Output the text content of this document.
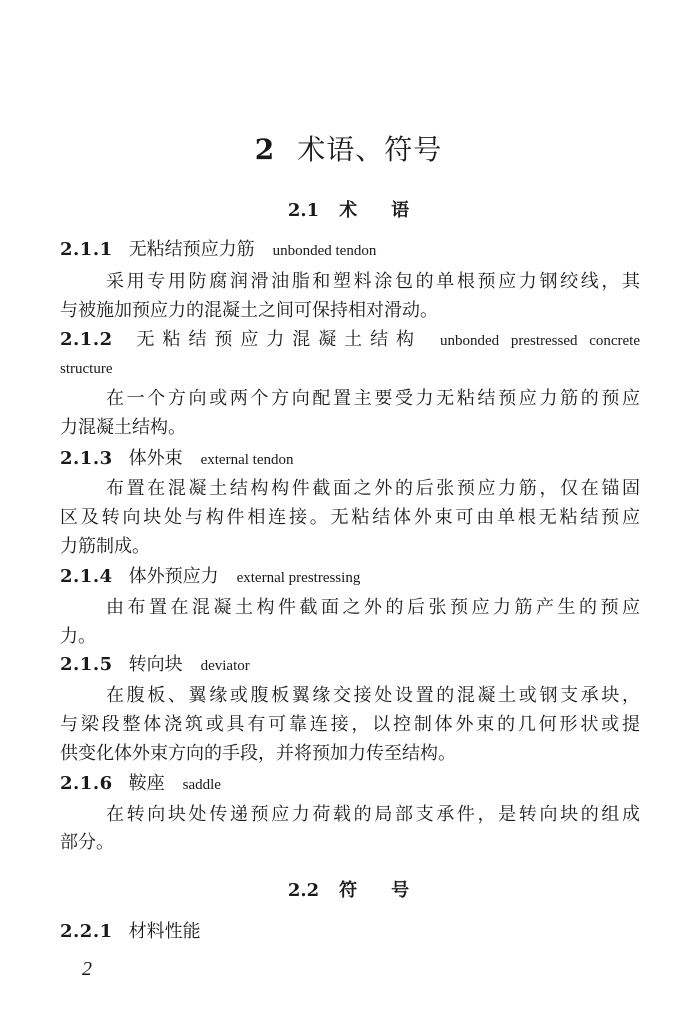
2 术语、符号
2.1 术 语
2.1.1 无粘结预应力筋 unbonded tendon
采用专用防腐润滑油脂和塑料涂包的单根预应力钢绞线，其
与被施加预应力的混凝土之间可保持相对滑动。
2.1.2 无粘结预应力混凝土结构 unbonded prestressed concrete
structure
在一个方向或两个方向配置主要受力无粘结预应力筋的预应
力混凝土结构。
2.1.3 体外束 external tendon
布置在混凝土结构构件截面之外的后张预应力筋，仅在锚固
区及转向块处与构件相连接。无粘结体外束可由单根无粘结预应
力筋制成。
2.1.4 体外预应力 external prestressing
由布置在混凝土构件截面之外的后张预应力筋产生的预应
力。
2.1.5 转向块 deviator
在腹板、翼缘或腹板翼缘交接处设置的混凝土或钢支承块，
与梁段整体浇筑或具有可靠连接，以控制体外束的几何形状或提
供变化体外束方向的手段，并将预加力传至结构。
2.1.6 鞍座 saddle
在转向块处传递预应力荷载的局部支承件，是转向块的组成
部分。
2.2 符 号
2.2.1 材料性能
2
